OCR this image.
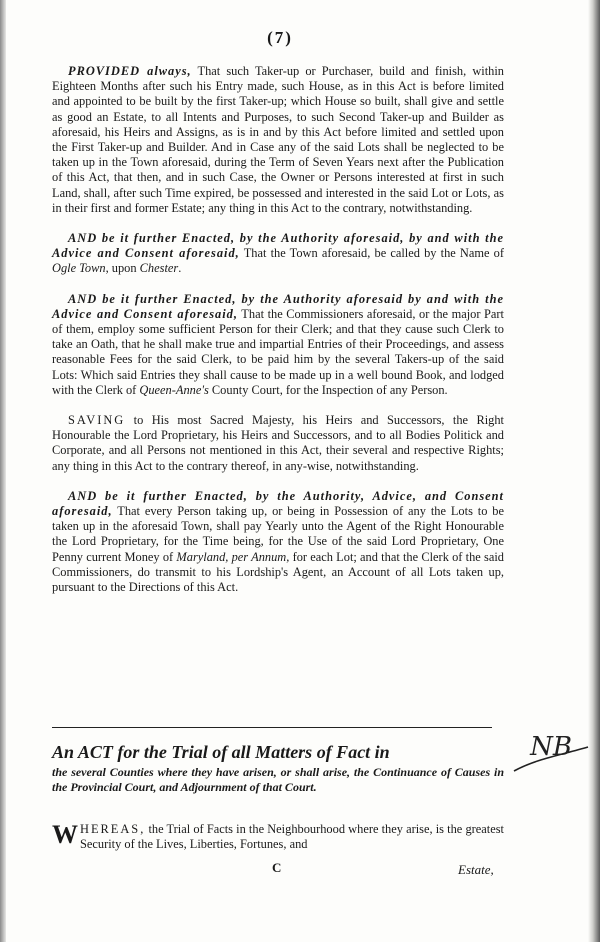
(7)

PROVIDED always, That such Taker-up or Purchaser, build and finish, within Eighteen Months after such his Entry made, such House, as in this Act is before limited and appointed to be built by the first Taker-up; which House so built, shall give and settle as good an Estate, to all Intents and Purposes, to such Second Taker-up and Builder as aforesaid, his Heirs and Assigns, as is in and by this Act before limited and settled upon the First Taker-up and Builder. And in Case any of the said Lots shall be neglected to be taken up in the Town aforesaid, during the Term of Seven Years next after the Publication of this Act, that then, and in such Case, the Owner or Persons interested at first in such Land, shall, after such Time expired, be possessed and interested in the said Lot or Lots, as in their first and former Estate; any thing in this Act to the contrary, notwithstanding.

AND be it further Enacted, by the Authority aforesaid, by and with the Advice and Consent aforesaid, That the Town aforesaid, be called by the Name of Ogle Town, upon Chester.

AND be it further Enacted, by the Authority aforesaid by and with the Advice and Consent aforesaid, That the Commissioners aforesaid, or the major Part of them, employ some sufficient Person for their Clerk; and that they cause such Clerk to take an Oath, that he shall make true and impartial Entries of their Proceedings, and assess reasonable Fees for the said Clerk, to be paid him by the several Takers-up of the said Lots: Which said Entries they shall cause to be made up in a well bound Book, and lodged with the Clerk of Queen-Anne's County Court, for the Inspection of any Person.

SAVING to His most Sacred Majesty, his Heirs and Successors, the Right Honourable the Lord Proprietary, his Heirs and Successors, and to all Bodies Politick and Corporate, and all Persons not mentioned in this Act, their several and respective Rights; any thing in this Act to the contrary thereof, in any-wise, notwithstanding.

AND be it further Enacted, by the Authority, Advice, and Consent aforesaid, That every Person taking up, or being in Possession of any the Lots to be taken up in the aforesaid Town, shall pay Yearly unto the Agent of the Right Honourable the Lord Proprietary, for the Time being, for the Use of the said Lord Proprietary, One Penny current Money of Maryland, per Annum, for each Lot; and that the Clerk of the said Commissioners, do transmit to his Lordship's Agent, an Account of all Lots taken up, pursuant to the Directions of this Act.

NB
An ACT for the Trial of all Matters of Fact in
the several Counties where they have arisen, or shall arise, the Continuance of Causes in the Provincial Court, and Adjournment of that Court.
WHEREAS, the Trial of Facts in the Neighbourhood where they arise, is the greatest Security of the Lives, Liberties, Fortunes, and
C	Estate,
